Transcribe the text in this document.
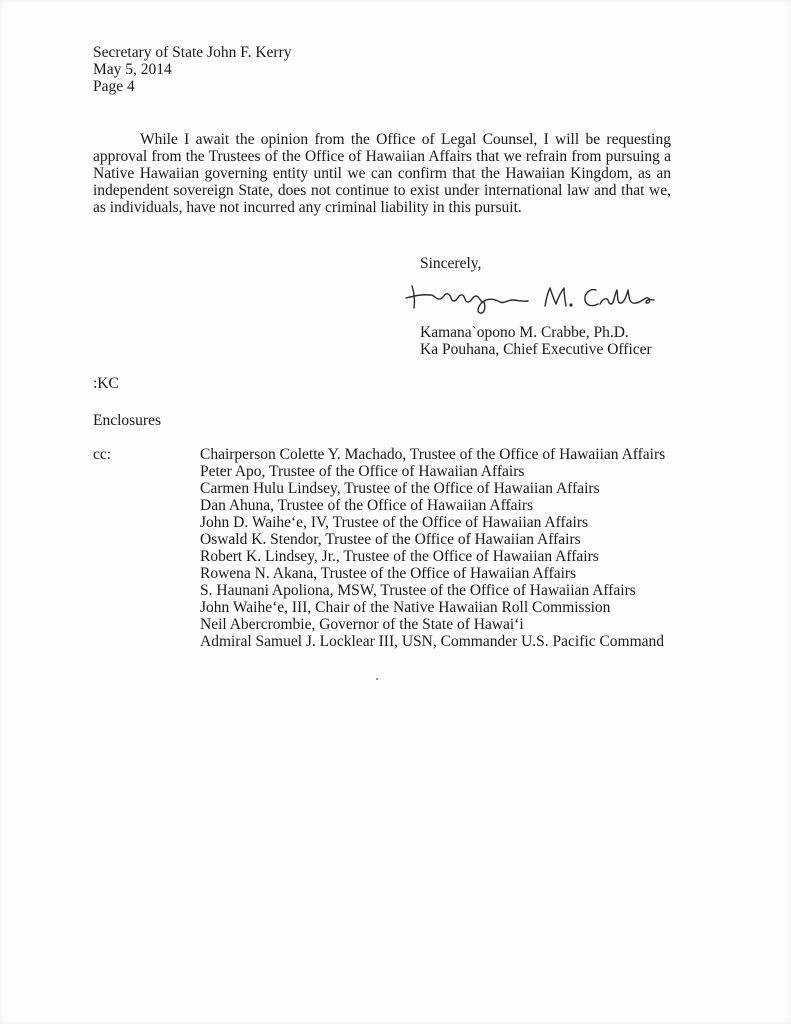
Secretary of State John F. Kerry
May 5, 2014
Page 4
While I await the opinion from the Office of Legal Counsel, I will be requesting approval from the Trustees of the Office of Hawaiian Affairs that we refrain from pursuing a Native Hawaiian governing entity until we can confirm that the Hawaiian Kingdom, as an independent sovereign State, does not continue to exist under international law and that we, as individuals, have not incurred any criminal liability in this pursuit.
Sincerely,
Kamana`opono M. Crabbe, Ph.D.
Ka Pouhana, Chief Executive Officer
:KC
Enclosures
cc:	Chairperson Colette Y. Machado, Trustee of the Office of Hawaiian Affairs
Peter Apo, Trustee of the Office of Hawaiian Affairs
Carmen Hulu Lindsey, Trustee of the Office of Hawaiian Affairs
Dan Ahuna, Trustee of the Office of Hawaiian Affairs
John D. Waihe‘e, IV, Trustee of the Office of Hawaiian Affairs
Oswald K. Stendor, Trustee of the Office of Hawaiian Affairs
Robert K. Lindsey, Jr., Trustee of the Office of Hawaiian Affairs
Rowena N. Akana, Trustee of the Office of Hawaiian Affairs
S. Haunani Apoliona, MSW, Trustee of the Office of Hawaiian Affairs
John Waihe‘e, III, Chair of the Native Hawaiian Roll Commission
Neil Abercrombie, Governor of the State of Hawai‘i
Admiral Samuel J. Locklear III, USN, Commander U.S. Pacific Command
